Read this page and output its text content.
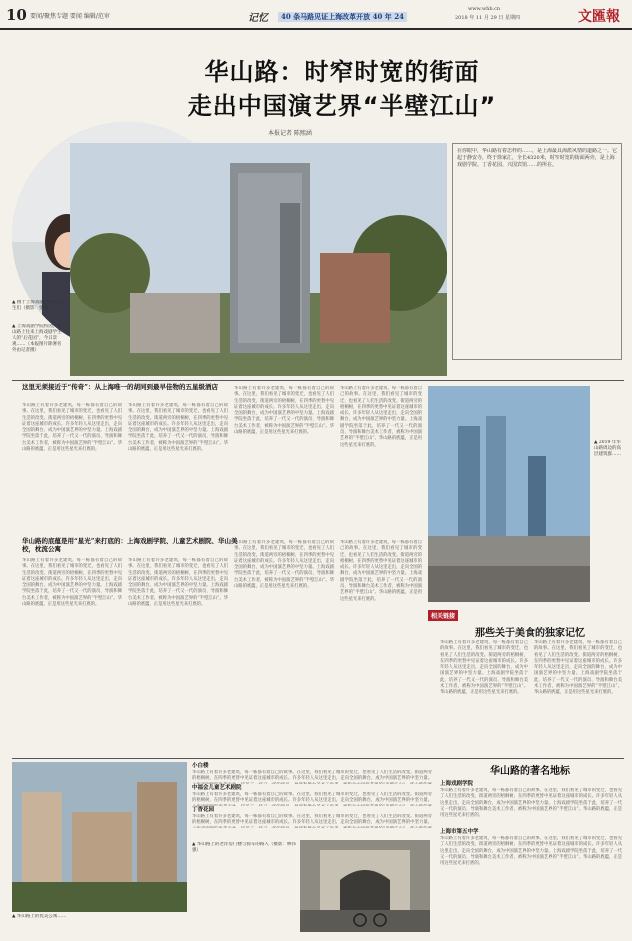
10 要闻/聚焦专题 要闻 编辑/范审	记忆	40 条马路见证上海改革开放 40 年 24
www.whb.cn
2018 年 11 月 29 日 星期四	文匯報
华山路：时窄时宽的街面
走出中国演艺界“半壁江山”
本报记者 陈熙涵
▲ 摄于上海戏剧学院的学生们（摄影：张驰）
▲ 上海戏剧学院校园，华山路上往来上海戏剧学生人的“后花园”，今日景观……（本报图片除署名外由记者摄）
在你眼中，华山路有着怎样的……，是上海最具海派风情的道路之一。它起于静安寺，终于徐家汇，全长4320米，时窄时宽的街面两旁，是上海戏剧学院、丁香花园、兴国宾馆……的所在。
这里无须接近于“传奇”：从上海唯一的胡同到最早佳物的五星级酒店
华山路上有着许多老建筑，每一栋都有着自己的故事。在这里，我们看见了城市的变迁，也看见了人们生活的改变。街道两旁的梧桐树，在四季的更替中见证着这座城市的成长。许多年轻人从这里走出，走向全国的舞台，成为中国演艺界的中坚力量。上海戏剧学院坐落于此，培养了一代又一代的演员、导演和舞台美术工作者，被称为中国演艺界的“半壁江山”。华山路的底蕴，正是用这些星光来打底的。
华山路上有着许多老建筑，每一栋都有着自己的故事。在这里，我们看见了城市的变迁，也看见了人们生活的改变。街道两旁的梧桐树，在四季的更替中见证着这座城市的成长。许多年轻人从这里走出，走向全国的舞台，成为中国演艺界的中坚力量。上海戏剧学院坐落于此，培养了一代又一代的演员、导演和舞台美术工作者，被称为中国演艺界的“半壁江山”。华山路的底蕴，正是用这些星光来打底的。
华山路上有着许多老建筑，每一栋都有着自己的故事。在这里，我们看见了城市的变迁，也看见了人们生活的改变。街道两旁的梧桐树，在四季的更替中见证着这座城市的成长。许多年轻人从这里走出，走向全国的舞台，成为中国演艺界的中坚力量。上海戏剧学院坐落于此，培养了一代又一代的演员、导演和舞台美术工作者，被称为中国演艺界的“半壁江山”。华山路的底蕴，正是用这些星光来打底的。
华山路上有着许多老建筑，每一栋都有着自己的故事。在这里，我们看见了城市的变迁，也看见了人们生活的改变。街道两旁的梧桐树，在四季的更替中见证着这座城市的成长。许多年轻人从这里走出，走向全国的舞台，成为中国演艺界的中坚力量。上海戏剧学院坐落于此，培养了一代又一代的演员、导演和舞台美术工作者，被称为中国演艺界的“半壁江山”。华山路的底蕴，正是用这些星光来打底的。
华山路的底蕴是用“星光”来打底的：上海戏剧学院、儿童艺术剧院、华山美校，枕流公寓
华山路上有着许多老建筑，每一栋都有着自己的故事。在这里，我们看见了城市的变迁，也看见了人们生活的改变。街道两旁的梧桐树，在四季的更替中见证着这座城市的成长。许多年轻人从这里走出，走向全国的舞台，成为中国演艺界的中坚力量。上海戏剧学院坐落于此，培养了一代又一代的演员、导演和舞台美术工作者，被称为中国演艺界的“半壁江山”。华山路的底蕴，正是用这些星光来打底的。
华山路上有着许多老建筑，每一栋都有着自己的故事。在这里，我们看见了城市的变迁，也看见了人们生活的改变。街道两旁的梧桐树，在四季的更替中见证着这座城市的成长。许多年轻人从这里走出，走向全国的舞台，成为中国演艺界的中坚力量。上海戏剧学院坐落于此，培养了一代又一代的演员、导演和舞台美术工作者，被称为中国演艺界的“半壁江山”。华山路的底蕴，正是用这些星光来打底的。
华山路上有着许多老建筑，每一栋都有着自己的故事。在这里，我们看见了城市的变迁，也看见了人们生活的改变。街道两旁的梧桐树，在四季的更替中见证着这座城市的成长。许多年轻人从这里走出，走向全国的舞台，成为中国演艺界的中坚力量。上海戏剧学院坐落于此，培养了一代又一代的演员、导演和舞台美术工作者，被称为中国演艺界的“半壁江山”。华山路的底蕴，正是用这些星光来打底的。
华山路上有着许多老建筑，每一栋都有着自己的故事。在这里，我们看见了城市的变迁，也看见了人们生活的改变。街道两旁的梧桐树，在四季的更替中见证着这座城市的成长。许多年轻人从这里走出，走向全国的舞台，成为中国演艺界的中坚力量。上海戏剧学院坐落于此，培养了一代又一代的演员、导演和舞台美术工作者，被称为中国演艺界的“半壁江山”。华山路的底蕴，正是用这些星光来打底的。
▲ 2019 年华山路周边的高层建筑群……
相关链接
那些关于美食的独家记忆
华山路上有着许多老建筑，每一栋都有着自己的故事。在这里，我们看见了城市的变迁，也看见了人们生活的改变。街道两旁的梧桐树，在四季的更替中见证着这座城市的成长。许多年轻人从这里走出，走向全国的舞台，成为中国演艺界的中坚力量。上海戏剧学院坐落于此，培养了一代又一代的演员、导演和舞台美术工作者，被称为中国演艺界的“半壁江山”。华山路的底蕴，正是用这些星光来打底的。
华山路上有着许多老建筑，每一栋都有着自己的故事。在这里，我们看见了城市的变迁，也看见了人们生活的改变。街道两旁的梧桐树，在四季的更替中见证着这座城市的成长。许多年轻人从这里走出，走向全国的舞台，成为中国演艺界的中坚力量。上海戏剧学院坐落于此，培养了一代又一代的演员、导演和舞台美术工作者，被称为中国演艺界的“半壁江山”。华山路的底蕴，正是用这些星光来打底的。
华山路的著名地标
▲ 华山路上的优美公寓……
小白楼
华山路上有着许多老建筑，每一栋都有着自己的故事。在这里，我们看见了城市的变迁，也看见了人们生活的改变。街道两旁的梧桐树，在四季的更替中见证着这座城市的成长。许多年轻人从这里走出，走向全国的舞台，成为中国演艺界的中坚力量。
中福会儿童艺术剧院
华山路上有着许多老建筑，每一栋都有着自己的故事。在这里，我们看见了城市的变迁，也看见了人们生活的改变。街道两旁的梧桐树，在四季的更替中见证着这座城市的成长。许多年轻人从这里走出，走向全国的舞台，成为中国演艺界的中坚力量。
丁香花园
华山路上有着许多老建筑，每一栋都有着自己的故事。在这里，我们看见了城市的变迁，也看见了人们生活的改变。街道两旁的梧桐树，在四季的更替中见证着这座城市的成长。许多年轻人从这里走出，走向全国的舞台，成为中国演艺界的中坚力量。
▲ 华山路上的老洋房门楼与骑车的路人（摄影：林伟强）
上海戏剧学院
华山路上有着许多老建筑，每一栋都有着自己的故事。在这里，我们看见了城市的变迁，也看见了人们生活的改变。街道两旁的梧桐树，在四季的更替中见证着这座城市的成长。许多年轻人从这里走出，走向全国的舞台，成为中国演艺界的中坚力量。上海戏剧学院坐落于此，培养了一代又一代的演员、导演和舞台美术工作者，被称为中国演艺界的“半壁江山”。华山路的底蕴，正是用这些星光来打底的。
上海市第五中学
华山路上有着许多老建筑，每一栋都有着自己的故事。在这里，我们看见了城市的变迁，也看见了人们生活的改变。街道两旁的梧桐树，在四季的更替中见证着这座城市的成长。许多年轻人从这里走出，走向全国的舞台，成为中国演艺界的中坚力量。上海戏剧学院坐落于此，培养了一代又一代的演员、导演和舞台美术工作者，被称为中国演艺界的“半壁江山”。华山路的底蕴，正是用这些星光来打底的。
